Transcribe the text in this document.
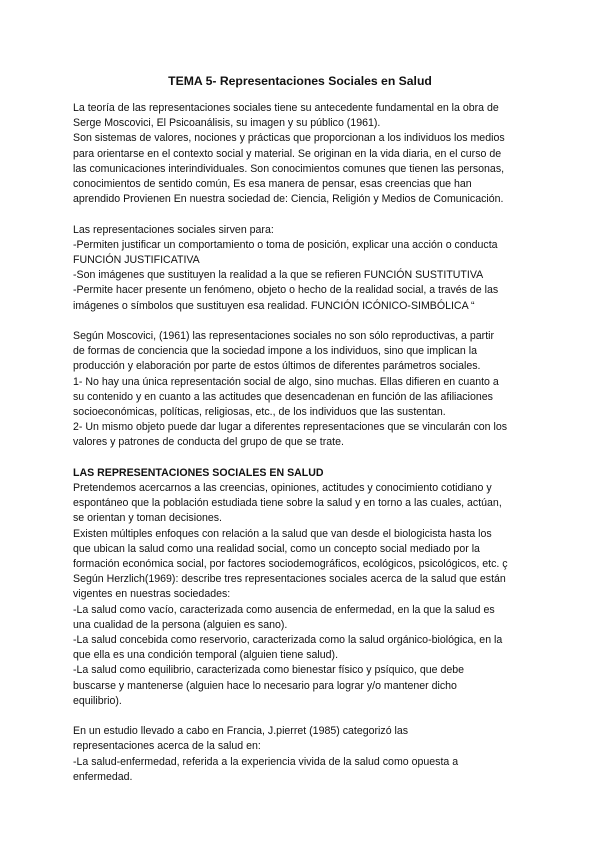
TEMA 5- Representaciones Sociales en Salud
La teoría de las representaciones sociales tiene su antecedente fundamental en la obra de
Serge Moscovici, El Psicoanálisis, su imagen y su público (1961).
Son sistemas de valores, nociones y prácticas que proporcionan a los individuos los medios
para orientarse en el contexto social y material. Se originan en la vida diaria, en el curso de
las comunicaciones interindividuales. Son conocimientos comunes que tienen las personas,
conocimientos de sentido común, Es esa manera de pensar, esas creencias que han
aprendido Provienen En nuestra sociedad de: Ciencia, Religión y Medios de Comunicación.
Las representaciones sociales sirven para:
-Permiten justificar un comportamiento o toma de posición, explicar una acción o conducta
FUNCIÓN JUSTIFICATIVA
-Son imágenes que sustituyen la realidad a la que se refieren FUNCIÓN SUSTITUTIVA
-Permite hacer presente un fenómeno, objeto o hecho de la realidad social, a través de las
imágenes o símbolos que sustituyen esa realidad. FUNCIÓN ICÓNICO-SIMBÓLICA “
Según Moscovici, (1961) las representaciones sociales no son sólo reproductivas, a partir
de formas de conciencia que la sociedad impone a los individuos, sino que implican la
producción y elaboración por parte de estos últimos de diferentes parámetros sociales.
1- No hay una única representación social de algo, sino muchas. Ellas difieren en cuanto a
su contenido y en cuanto a las actitudes que desencadenan en función de las afiliaciones
socioeconómicas, políticas, religiosas, etc., de los individuos que las sustentan.
2- Un mismo objeto puede dar lugar a diferentes representaciones que se vincularán con los
valores y patrones de conducta del grupo de que se trate.
LAS REPRESENTACIONES SOCIALES EN SALUD
Pretendemos acercarnos a las creencias, opiniones, actitudes y conocimiento cotidiano y
espontáneo que la población estudiada tiene sobre la salud y en torno a las cuales, actúan,
se orientan y toman decisiones.
Existen múltiples enfoques con relación a la salud que van desde el biologicista hasta los
que ubican la salud como una realidad social, como un concepto social mediado por la
formación económica social, por factores sociodemográficos, ecológicos, psicológicos, etc. ç
Según Herzlich(1969): describe tres representaciones sociales acerca de la salud que están
vigentes en nuestras sociedades:
-La salud como vacío, caracterizada como ausencia de enfermedad, en la que la salud es
una cualidad de la persona (alguien es sano).
-La salud concebida como reservorio, caracterizada como la salud orgánico-biológica, en la
que ella es una condición temporal (alguien tiene salud).
-La salud como equilibrio, caracterizada como bienestar físico y psíquico, que debe
buscarse y mantenerse (alguien hace lo necesario para lograr y/o mantener dicho
equilibrio).
En un estudio llevado a cabo en Francia, J.pierret (1985) categorizó las
representaciones acerca de la salud en:
-La salud-enfermedad, referida a la experiencia vivida de la salud como opuesta a
enfermedad.
